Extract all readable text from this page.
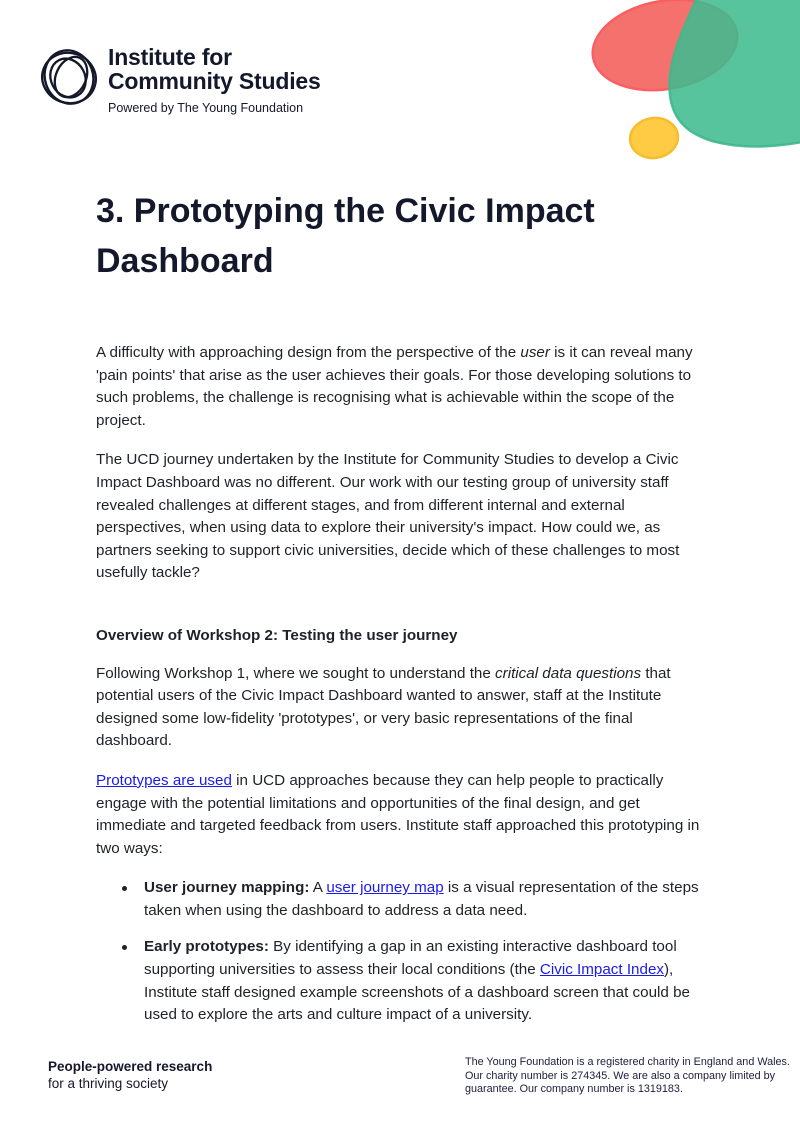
Institute for
Community Studies
Powered by The Young Foundation
3. Prototyping the Civic Impact Dashboard

A difficulty with approaching design from the perspective of the user is it can reveal many 'pain points' that arise as the user achieves their goals. For those developing solutions to such problems, the challenge is recognising what is achievable within the scope of the project.

The UCD journey undertaken by the Institute for Community Studies to develop a Civic Impact Dashboard was no different. Our work with our testing group of university staff revealed challenges at different stages, and from different internal and external perspectives, when using data to explore their university's impact. How could we, as partners seeking to support civic universities, decide which of these challenges to most usefully tackle?

Overview of Workshop 2: Testing the user journey

Following Workshop 1, where we sought to understand the critical data questions that potential users of the Civic Impact Dashboard wanted to answer, staff at the Institute designed some low-fidelity 'prototypes', or very basic representations of the final dashboard.

Prototypes are used in UCD approaches because they can help people to practically engage with the potential limitations and opportunities of the final design, and get immediate and targeted feedback from users. Institute staff approached this prototyping in two ways:

User journey mapping: A user journey map is a visual representation of the steps taken when using the dashboard to address a data need.
Early prototypes: By identifying a gap in an existing interactive dashboard tool supporting universities to assess their local conditions (the Civic Impact Index), Institute staff designed example screenshots of a dashboard screen that could be used to explore the arts and culture impact of a university.
People-powered research
for a thriving society
The Young Foundation is a registered charity in England and Wales. Our charity number is 274345. We are also a company limited by guarantee. Our company number is 1319183.
